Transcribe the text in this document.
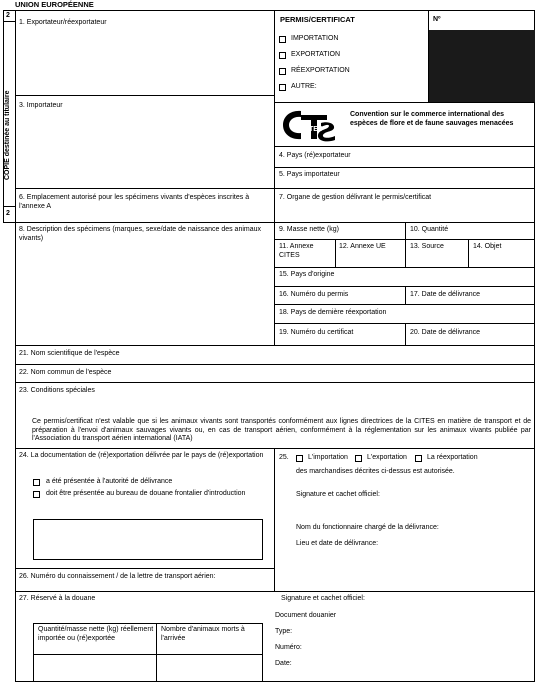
UNION EUROPÉENNE
2
2
COPIE destinée au titulaire
1. Exportateur/réexportateur	PERMIS/CERTIFICAT	Nº
IMPORTATION
EXPORTATION
RÉEXPORTATION
AUTRE:
3. Importateur
CITES
Convention sur le commerce international des espèces de flore et de faune sauvages menacées
4. Pays (ré)exportateur
5. Pays importateur
6. Emplacement autorisé pour les spécimens vivants d'espèces inscrites à l'annexe A
7. Organe de gestion délivrant le permis/certificat
8. Description des spécimens (marques, sexe/date de naissance des animaux vivants)
9. Masse nette (kg)	10. Quantité
11. Annexe CITES
12. Annexe UE	13. Source	14. Objet
15. Pays d'origine
16. Numéro du permis	17. Date de délivrance
18. Pays de dernière réexportation
19. Numéro du certificat	20. Date de délivrance
21. Nom scientifique de l'espèce
22. Nom commun de l'espèce
23. Conditions spéciales
Ce permis/certificat n'est valable que si les animaux vivants sont transportés conformément aux lignes directrices de la CITES en matière de transport et de préparation à l'envoi d'animaux sauvages vivants ou, en cas de transport aérien, conformément à la réglementation sur les animaux vivants publiée par l'Association du transport aérien international (IATA)
24. La documentation de (ré)exportation délivrée par le pays de (ré)exportation
a été présentée à l'autorité de délivrance
doit être présentée au bureau de douane frontalier d'introduction
25.	L'importation	L'exportation	La réexportation
des marchandises décrites ci-dessus est autorisée.
Signature et cachet officiel:
Nom du fonctionnaire chargé de la délivrance:
Lieu et date de délivrance:
26. Numéro du connaissement / de la lettre de transport aérien:
27. Réservé à la douane
Quantité/masse nette (kg) réellement importée ou (ré)exportée
Nombre d'animaux morts à l'arrivée
Signature et cachet officiel:
Document douanier
Type:
Numéro:
Date:
